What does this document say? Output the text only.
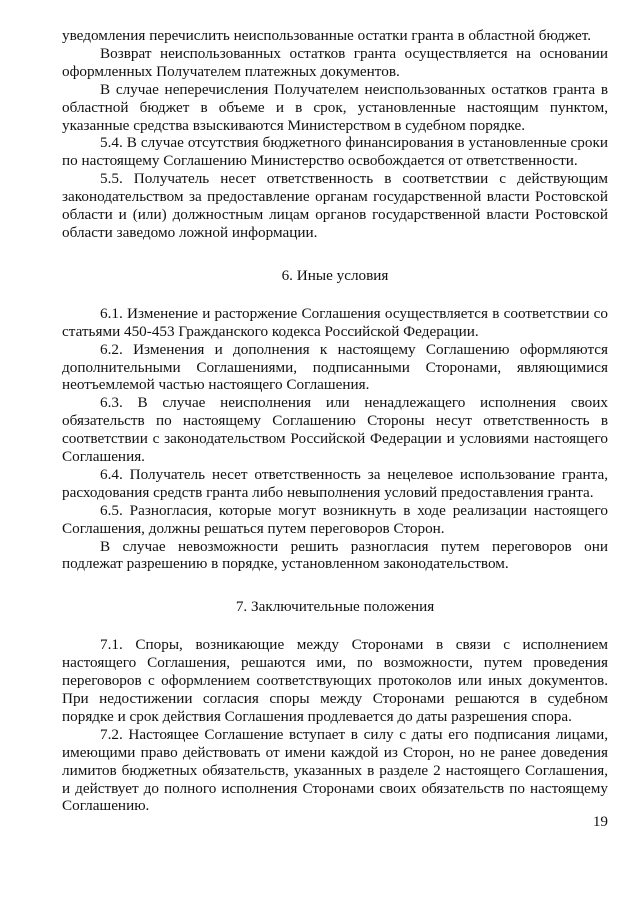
уведомления перечислить неиспользованные остатки гранта в областной бюджет.

Возврат неиспользованных остатков гранта осуществляется на основании оформленных Получателем платежных документов.

В случае неперечисления Получателем неиспользованных остатков гранта в областной бюджет в объеме и в срок, установленные настоящим пунктом, указанные средства взыскиваются Министерством в судебном порядке.

5.4. В случае отсутствия бюджетного финансирования в установленные сроки по настоящему Соглашению Министерство освобождается от ответственности.

5.5. Получатель несет ответственность в соответствии с действующим законодательством за предоставление органам государственной власти Ростовской области и (или) должностным лицам органов государственной власти Ростовской области заведомо ложной информации.

6. Иные условия

6.1. Изменение и расторжение Соглашения осуществляется в соответствии со статьями 450-453 Гражданского кодекса Российской Федерации.

6.2. Изменения и дополнения к настоящему Соглашению оформляются дополнительными Соглашениями, подписанными Сторонами, являющимися неотъемлемой частью настоящего Соглашения.

6.3. В случае неисполнения или ненадлежащего исполнения своих обязательств по настоящему Соглашению Стороны несут ответственность в соответствии с законодательством Российской Федерации и условиями настоящего Соглашения.

6.4. Получатель несет ответственность за нецелевое использование гранта, расходования средств гранта либо невыполнения условий предоставления гранта.

6.5. Разногласия, которые могут возникнуть в ходе реализации настоящего Соглашения, должны решаться путем переговоров Сторон.

В случае невозможности решить разногласия путем переговоров они подлежат разрешению в порядке, установленном законодательством.

7. Заключительные положения

7.1. Споры, возникающие между Сторонами в связи с исполнением настоящего Соглашения, решаются ими, по возможности, путем проведения переговоров с оформлением соответствующих протоколов или иных документов. При недостижении согласия споры между Сторонами решаются в судебном порядке и срок действия Соглашения продлевается до даты разрешения спора.

7.2. Настоящее Соглашение вступает в силу с даты его подписания лицами, имеющими право действовать от имени каждой из Сторон, но не ранее доведения лимитов бюджетных обязательств, указанных в разделе 2 настоящего Соглашения, и действует до полного исполнения Сторонами своих обязательств по настоящему Соглашению.

19
